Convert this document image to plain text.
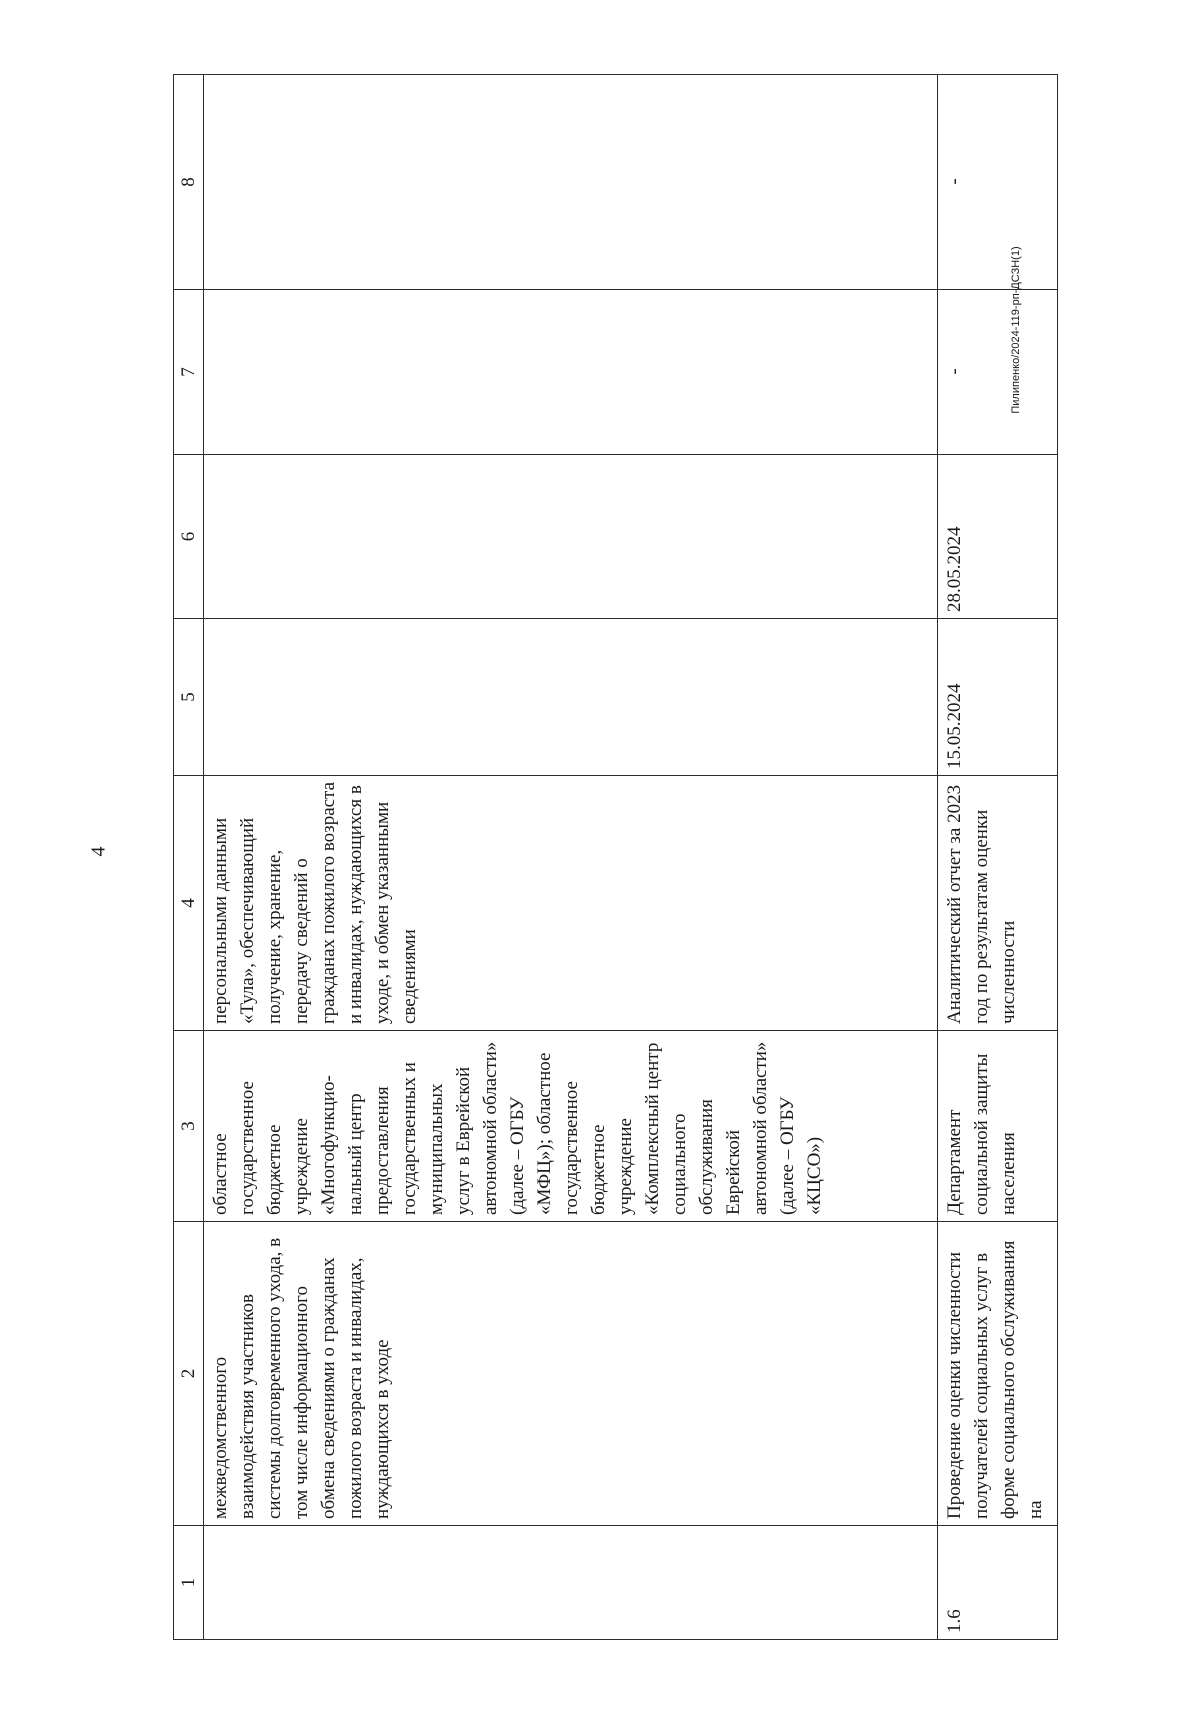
4
1	2	3	4	5	6	7	8
	межведомственного взаимодействия участников системы долговременного ухода, в том числе информационного обмена сведениями о гражданах пожилого возраста и инвалидах, нуждающихся в уходе	областное государственное бюджетное учреждение «Многофункцио-нальный центр предоставления государственных и муниципальных услуг в Еврейской автономной области» (далее – ОГБУ «МФЦ»); областное государственное бюджетное учреждение «Комплексный центр социального обслуживания Еврейской автономной области» (далее – ОГБУ «КЦСО»)	персональными данными «Тула», обеспечивающий получение, хранение, передачу сведений о гражданах пожилого возраста и инвалидах, нуждающихся в уходе, и обмен указанными сведениями				
1.6	Проведение оценки численности получателей социальных услуг в форме социального обслуживания на	Департамент социальной защиты населения	Аналитический отчет за 2023 год по результатам оценки численности	15.05.2024	28.05.2024	-	-
Пилипенко/2024-119-рп-ДСЗН(1)
